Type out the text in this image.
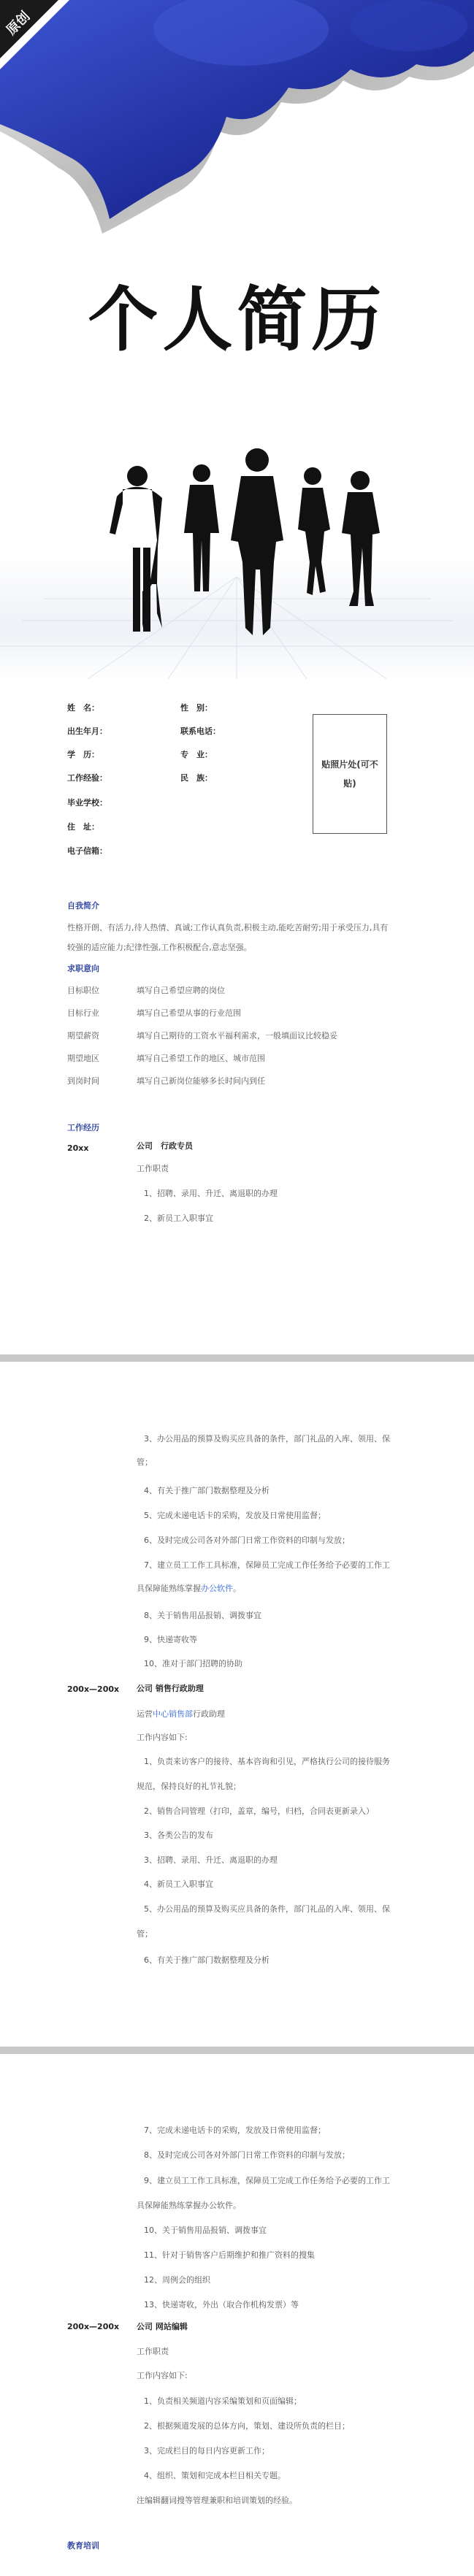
原创
个人简历
姓　名：	性　别：
出生年月：	联系电话：
学　历：	专　业：
工作经验：	民　族：
毕业学校：
住　址：
电子信箱：
贴照片处(可不贴)
自我简介
性格开朗、有活力,待人热情、真诚;工作认真负责,积极主动,能吃苦耐劳;用于承受压力,具有
较强的适应能力;纪律性强,工作积极配合,意志坚强。
求职意向
目标职位	填写自己希望应聘的岗位
目标行业	填写自己希望从事的行业范围
期望薪资	填写自己期待的工资水平福利需求，一般填面议比较稳妥
期望地区	填写自己希望工作的地区、城市范围
到岗时间	填写自己新岗位能够多长时间内到任
工作经历
20xx	公司　行政专员
工作职责
1、招聘、录用、升迁、离退职的办理
2、新员工入职事宜
3、办公用品的预算及购买应具备的条件，部门礼品的入库、领用、保
管；
4、有关于推广部门数据整理及分析
5、完成未递电话卡的采购，发放及日常使用监督；
6、及时完成公司各对外部门日常工作资料的印制与发放；
7、建立员工工作工具标准，保障员工完成工作任务给予必要的工作工
具保障能熟练掌握办公软件。
8、关于销售用品报销、调拨事宜
9、快递寄收等
10、准对于部门招聘的协助
200x—200x 公司 销售行政助理
运营中心销售部行政助理
工作内容如下:
1、负责来访客户的接待、基本咨询和引见，严格执行公司的接待服务
规范，保持良好的礼节礼貌；
2、销售合同管理（打印，盖章，编号，归档，合同表更新录入）
3、各类公告的发布
3、招聘、录用、升迁、离退职的办理
4、新员工入职事宜
5、办公用品的预算及购买应具备的条件，部门礼品的入库、领用、保
管；
6、有关于推广部门数据整理及分析
7、完成未递电话卡的采购，发放及日常使用监督；
8、及时完成公司各对外部门日常工作资料的印制与发放；
9、建立员工工作工具标准，保障员工完成工作任务给予必要的工作工
具保障能熟练掌握办公软件。
10、关于销售用品报销、调拨事宜
11、针对于销售客户后期维护和推广资料的搜集
12、周例会的组织
13、快递寄收，外出（取合作机构发票）等
200x—200x 公司 网站编辑
工作职责
工作内容如下:
1、负责相关频道内容采编策划和页面编辑；
2、根据频道发展的总体方向，策划、建设所负责的栏目；
3、完成栏目的每日内容更新工作；
4、组织、策划和完成本栏目相关专题。
注编辑翻词搜等管理兼职和培训策划的经验。
教育培训
